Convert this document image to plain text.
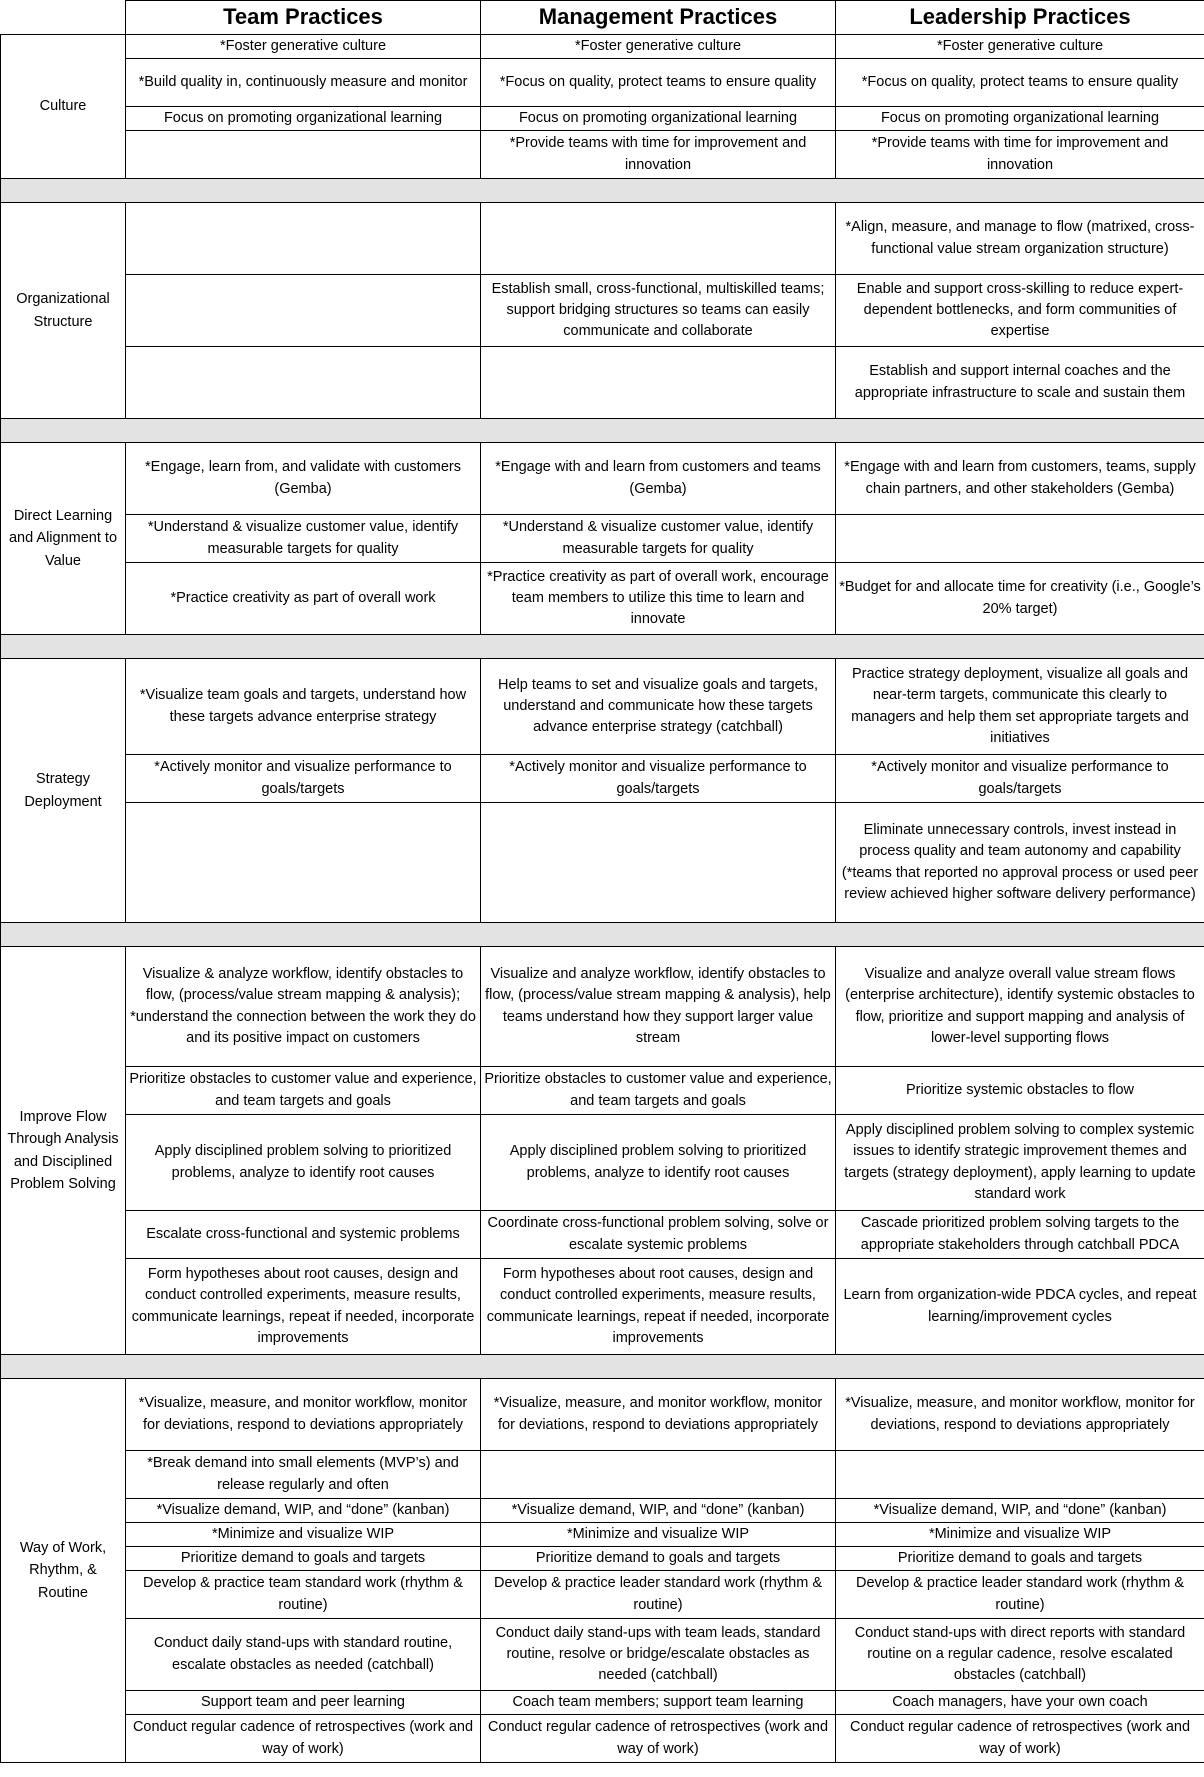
	Team Practices	Management Practices	Leadership Practices
Culture	*Foster generative culture	*Foster generative culture	*Foster generative culture
	*Build quality in, continuously measure and monitor	*Focus on quality, protect teams to ensure quality	*Focus on quality, protect teams to ensure quality
	Focus on promoting organizational learning	Focus on promoting organizational learning	Focus on promoting organizational learning
		*Provide teams with time for improvement and innovation	*Provide teams with time for improvement and innovation

Organizational Structure			*Align, measure, and manage to flow (matrixed, cross-functional value stream organization structure)
		Establish small, cross-functional, multiskilled teams; support bridging structures so teams can easily communicate and collaborate	Enable and support cross-skilling to reduce expert-dependent bottlenecks, and form communities of expertise
			Establish and support internal coaches and the appropriate infrastructure to scale and sustain them

Direct Learning and Alignment to Value	*Engage, learn from, and validate with customers (Gemba)	*Engage with and learn from customers and teams (Gemba)	*Engage with and learn from customers, teams, supply chain partners, and other stakeholders (Gemba)
	*Understand & visualize customer value, identify measurable targets for quality	*Understand & visualize customer value, identify measurable targets for quality	
	*Practice creativity as part of overall work	*Practice creativity as part of overall work, encourage team members to utilize this time to learn and innovate	*Budget for and allocate time for creativity (i.e., Google’s 20% target)

Strategy Deployment	*Visualize team goals and targets, understand how these targets advance enterprise strategy	Help teams to set and visualize goals and targets, understand and communicate how these targets advance enterprise strategy (catchball)	Practice strategy deployment, visualize all goals and near-term targets, communicate this clearly to managers and help them set appropriate targets and initiatives
	*Actively monitor and visualize performance to goals/targets	*Actively monitor and visualize performance to goals/targets	*Actively monitor and visualize performance to goals/targets
			Eliminate unnecessary controls, invest instead in process quality and team autonomy and capability (*teams that reported no approval process or used peer review achieved higher software delivery performance)

Improve Flow Through Analysis and Disciplined Problem Solving	Visualize & analyze workflow, identify obstacles to flow, (process/value stream mapping & analysis); *understand the connection between the work they do and its positive impact on customers	Visualize and analyze workflow, identify obstacles to flow, (process/value stream mapping & analysis), help teams understand how they support larger value stream	Visualize and analyze overall value stream flows (enterprise architecture), identify systemic obstacles to flow, prioritize and support mapping and analysis of lower-level supporting flows
	Prioritize obstacles to customer value and experience, and team targets and goals	Prioritize obstacles to customer value and experience, and team targets and goals	Prioritize systemic obstacles to flow
	Apply disciplined problem solving to prioritized problems, analyze to identify root causes	Apply disciplined problem solving to prioritized problems, analyze to identify root causes	Apply disciplined problem solving to complex systemic issues to identify strategic improvement themes and targets (strategy deployment), apply learning to update standard work
	Escalate cross-functional and systemic problems	Coordinate cross-functional problem solving, solve or escalate systemic problems	Cascade prioritized problem solving targets to the appropriate stakeholders through catchball PDCA
	Form hypotheses about root causes, design and conduct controlled experiments, measure results, communicate learnings, repeat if needed, incorporate improvements	Form hypotheses about root causes, design and conduct controlled experiments, measure results, communicate learnings, repeat if needed, incorporate improvements	Learn from organization-wide PDCA cycles, and repeat learning/improvement cycles

Way of Work, Rhythm, & Routine	*Visualize, measure, and monitor workflow, monitor for deviations, respond to deviations appropriately	*Visualize, measure, and monitor workflow, monitor for deviations, respond to deviations appropriately	*Visualize, measure, and monitor workflow, monitor for deviations, respond to deviations appropriately
	*Break demand into small elements (MVP’s) and release regularly and often		
	*Visualize demand, WIP, and “done” (kanban)	*Visualize demand, WIP, and “done” (kanban)	*Visualize demand, WIP, and “done” (kanban)
	*Minimize and visualize WIP	*Minimize and visualize WIP	*Minimize and visualize WIP
	Prioritize demand to goals and targets	Prioritize demand to goals and targets	Prioritize demand to goals and targets
	Develop & practice team standard work (rhythm & routine)	Develop & practice leader standard work (rhythm & routine)	Develop & practice leader standard work (rhythm & routine)
	Conduct daily stand-ups with standard routine, escalate obstacles as needed (catchball)	Conduct daily stand-ups with team leads, standard routine, resolve or bridge/escalate obstacles as needed (catchball)	Conduct stand-ups with direct reports with standard routine on a regular cadence, resolve escalated obstacles (catchball)
	Support team and peer learning	Coach team members; support team learning	Coach managers, have your own coach
	Conduct regular cadence of retrospectives (work and way of work)	Conduct regular cadence of retrospectives (work and way of work)	Conduct regular cadence of retrospectives (work and way of work)
